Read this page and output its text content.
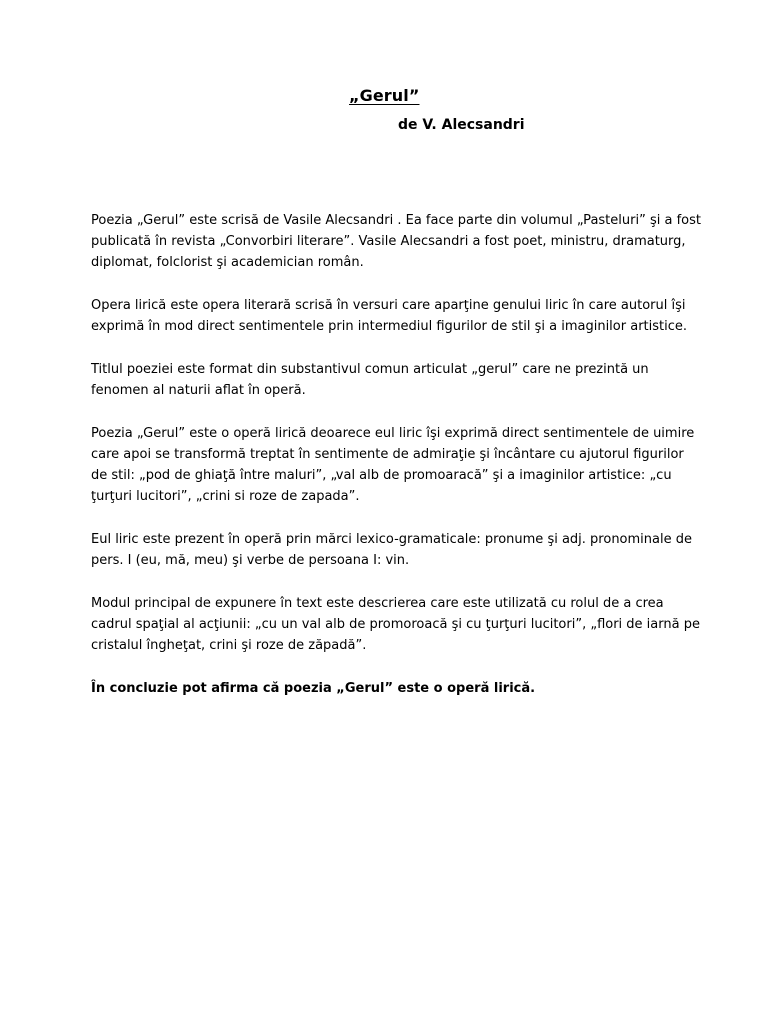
„Gerul”
de V. Alecsandri

Poezia „Gerul” este scrisă de Vasile Alecsandri . Ea face parte din volumul „Pasteluri” şi a fost
publicată în revista „Convorbiri literare”. Vasile Alecsandri a fost poet, ministru, dramaturg,
diplomat, folclorist şi academician român.

Opera lirică este opera literară scrisă în versuri care aparţine genului liric în care autorul îşi
exprimă în mod direct sentimentele prin intermediul figurilor de stil şi a imaginilor artistice.

Titlul poeziei este format din substantivul comun articulat „gerul” care ne prezintă un
fenomen al naturii aflat în operă.

Poezia „Gerul” este o operă lirică deoarece eul liric îşi exprimă direct sentimentele de uimire
care apoi se transformă treptat în sentimente de admiraţie şi încântare cu ajutorul figurilor
de stil: „pod de ghiaţă între maluri”, „val alb de promoaracă” şi a imaginilor artistice: „cu
ţurţuri lucitori”, „crini si roze de zapada”.

Eul liric este prezent în operă prin mărci lexico-gramaticale: pronume şi adj. pronominale de
pers. I (eu, mă, meu) şi verbe de persoana I: vin.

Modul principal de expunere în text este descrierea care este utilizată cu rolul de a crea
cadrul spaţial al acţiunii: „cu un val alb de promoroacă şi cu ţurţuri lucitori”, „flori de iarnă pe
cristalul îngheţat, crini şi roze de zăpadă”.

În concluzie pot afirma că poezia „Gerul” este o operă lirică.
